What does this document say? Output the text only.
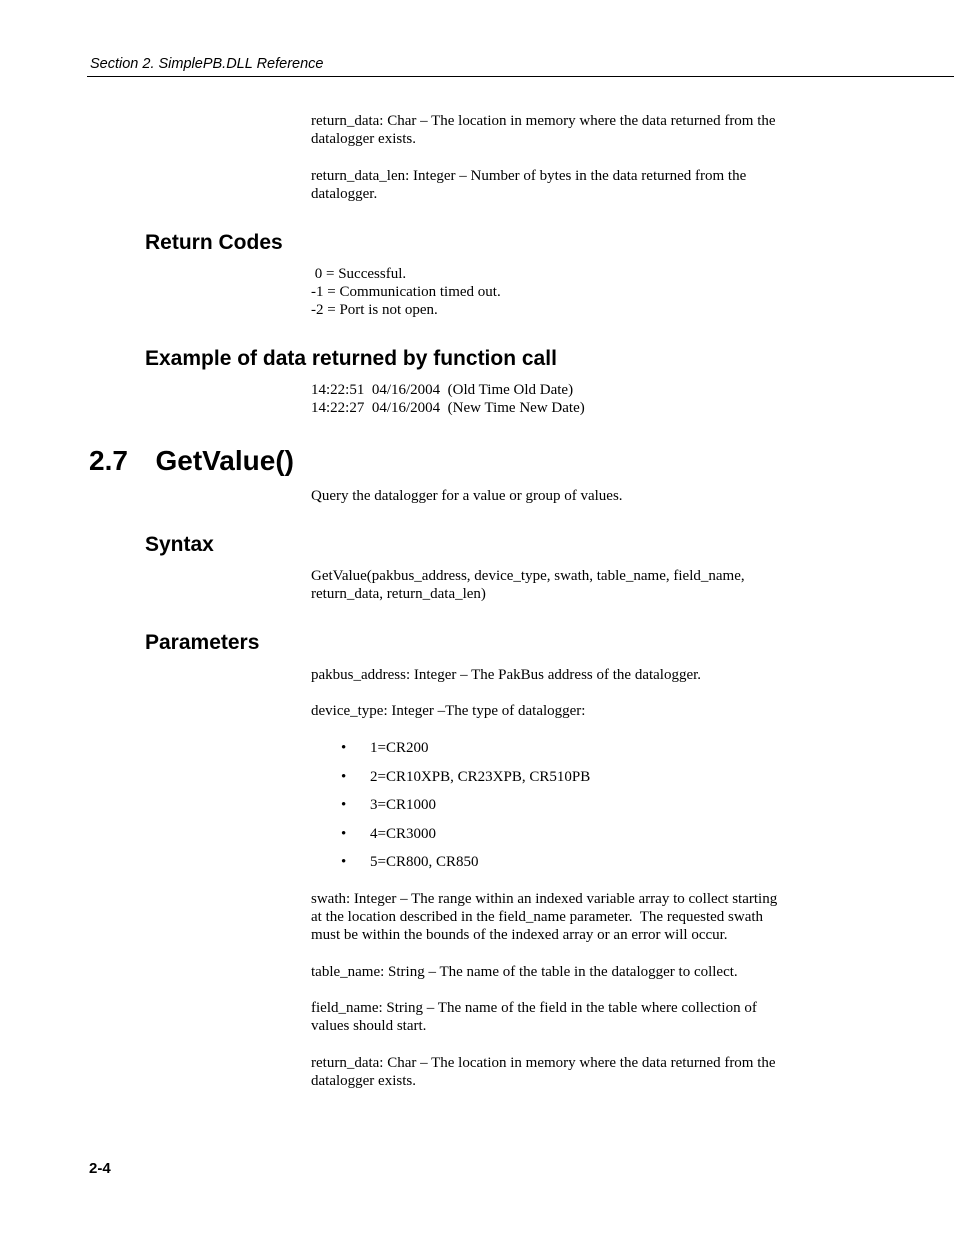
Section 2. SimplePB.DLL Reference
return_data: Char – The location in memory where the data returned from the
datalogger exists.
return_data_len: Integer – Number of bytes in the data returned from the
datalogger.
Return Codes
0 = Successful.
-1 = Communication timed out.
-2 = Port is not open.
Example of data returned by function call
14:22:51  04/16/2004  (Old Time Old Date)
14:22:27  04/16/2004  (New Time New Date)
2.7 GetValue()
Query the datalogger for a value or group of values.
Syntax
GetValue(pakbus_address, device_type, swath, table_name, field_name,
return_data, return_data_len)
Parameters
pakbus_address: Integer – The PakBus address of the datalogger.
device_type: Integer –The type of datalogger:
• 1=CR200
• 2=CR10XPB, CR23XPB, CR510PB
• 3=CR1000
• 4=CR3000
• 5=CR800, CR850
swath: Integer – The range within an indexed variable array to collect starting
at the location described in the field_name parameter.  The requested swath
must be within the bounds of the indexed array or an error will occur.
table_name: String – The name of the table in the datalogger to collect.
field_name: String – The name of the field in the table where collection of
values should start.
return_data: Char – The location in memory where the data returned from the
datalogger exists.
2-4
